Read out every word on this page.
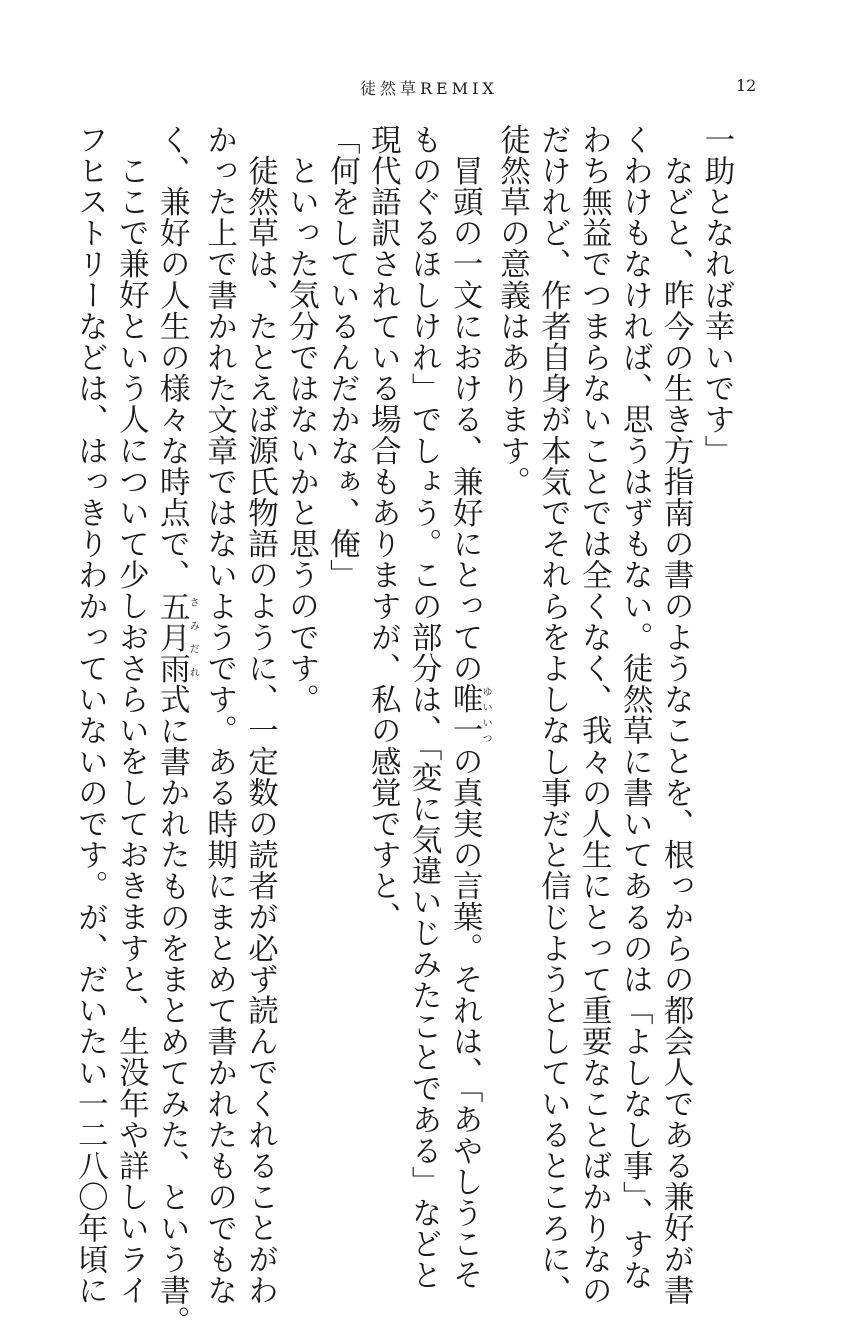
徒然草REMIX	12
一助となれば幸いです」
などと、昨今の生き方指南の書のようなことを、根っからの都会人である兼好が書
くわけもなければ、思うはずもない。徒然草に書いてあるのは「よしなし事」、すな
わち無益でつまらないことでは全くなく、我々の人生にとって重要なことばかりなの
だけれど、作者自身が本気でそれらをよしなし事だと信じようとしているところに、
徒然草の意義はあります。
冒頭の一文における、兼好にとっての唯一ゆいいつの真実の言葉。それは、「あやしうこそ
ものぐるほしけれ」でしょう。この部分は、「変に気違いじみたことである」などと
現代語訳されている場合もありますが、私の感覚ですと、
「何をしているんだかなぁ、俺」
といった気分ではないかと思うのです。
徒然草は、たとえば源氏物語のように、一定数の読者が必ず読んでくれることがわ
かった上で書かれた文章ではないようです。ある時期にまとめて書かれたものでもな
く、兼好の人生の様々な時点で、五月雨さみだれ式に書かれたものをまとめてみた、という書。
ここで兼好という人について少しおさらいをしておきますと、生没年や詳しいライ
フヒストリーなどは、はっきりわかっていないのです。が、だいたい一二八〇年頃に
